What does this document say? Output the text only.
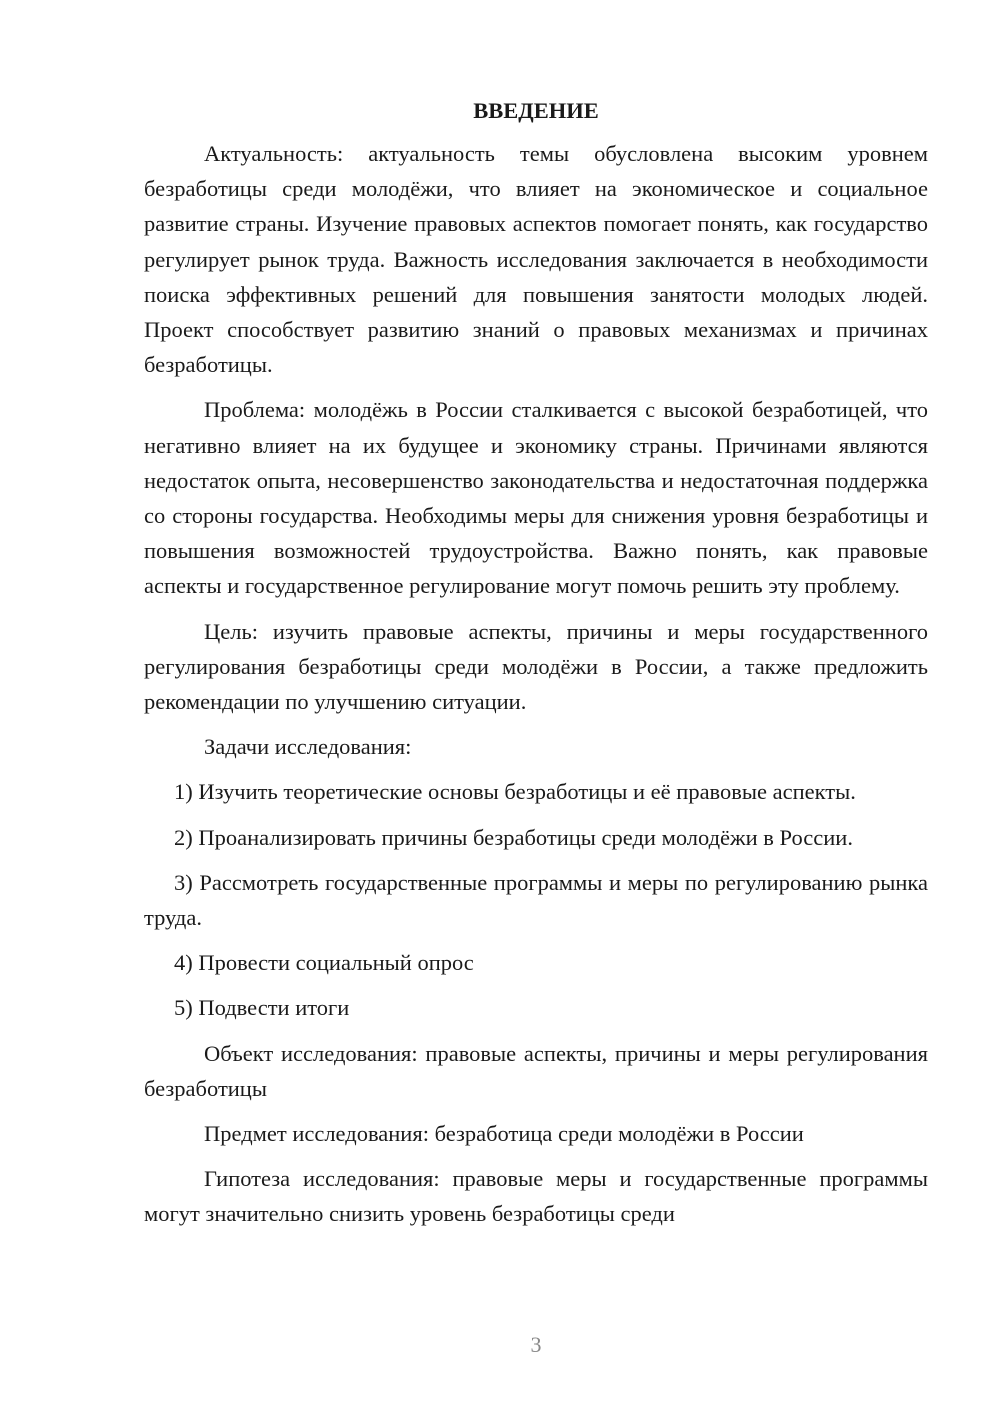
ВВЕДЕНИЕ

Актуальность: актуальность темы обусловлена высоким уровнем безработицы среди молодёжи, что влияет на экономическое и социальное развитие страны. Изучение правовых аспектов помогает понять, как государство регулирует рынок труда. Важность исследования заключается в необходимости поиска эффективных решений для повышения занятости молодых людей. Проект способствует развитию знаний о правовых механизмах и причинах безработицы.

Проблема: молодёжь в России сталкивается с высокой безработицей, что негативно влияет на их будущее и экономику страны. Причинами являются недостаток опыта, несовершенство законодательства и недостаточная поддержка со стороны государства. Необходимы меры для снижения уровня безработицы и повышения возможностей трудоустройства. Важно понять, как правовые аспекты и государственное регулирование могут помочь решить эту проблему.

Цель: изучить правовые аспекты, причины и меры государственного регулирования безработицы среди молодёжи в России, а также предложить рекомендации по улучшению ситуации.

Задачи исследования:

1) Изучить теоретические основы безработицы и её правовые аспекты.

2) Проанализировать причины безработицы среди молодёжи в России.

3) Рассмотреть государственные программы и меры по регулированию рынка труда.

4) Провести социальный опрос

5) Подвести итоги

Объект исследования: правовые аспекты, причины и меры регулирования безработицы

Предмет исследования: безработица среди молодёжи в России

Гипотеза исследования: правовые меры и государственные программы могут значительно снизить уровень безработицы среди

3
